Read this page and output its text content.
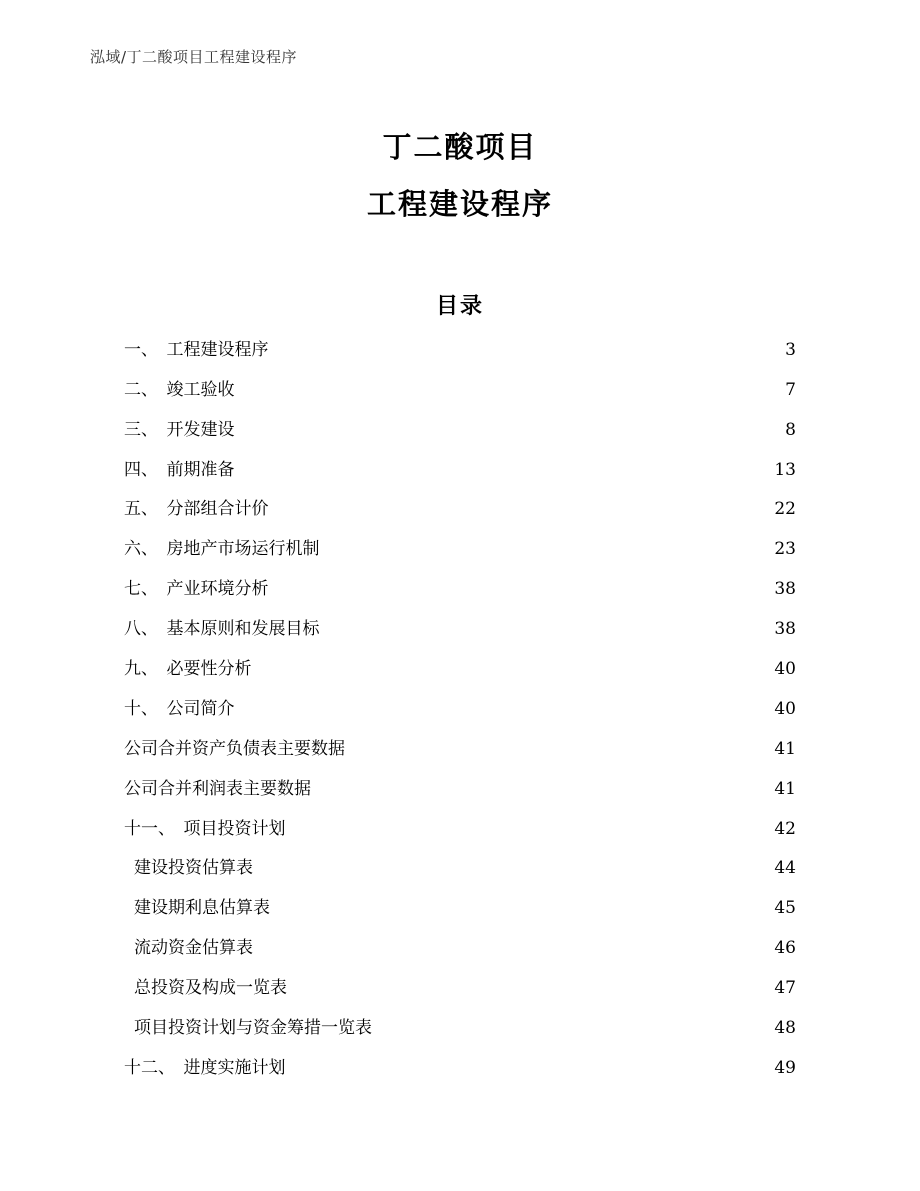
泓域/丁二酸项目工程建设程序
丁二酸项目
工程建设程序
目录
一、 工程建设程序	3
二、 竣工验收	7
三、 开发建设	8
四、 前期准备	13
五、 分部组合计价	22
六、 房地产市场运行机制	23
七、 产业环境分析	38
八、 基本原则和发展目标	38
九、 必要性分析	40
十、 公司简介	40
公司合并资产负债表主要数据	41
公司合并利润表主要数据	41
十一、 项目投资计划	42
建设投资估算表	44
建设期利息估算表	45
流动资金估算表	46
总投资及构成一览表	47
项目投资计划与资金筹措一览表	48
十二、 进度实施计划	49
